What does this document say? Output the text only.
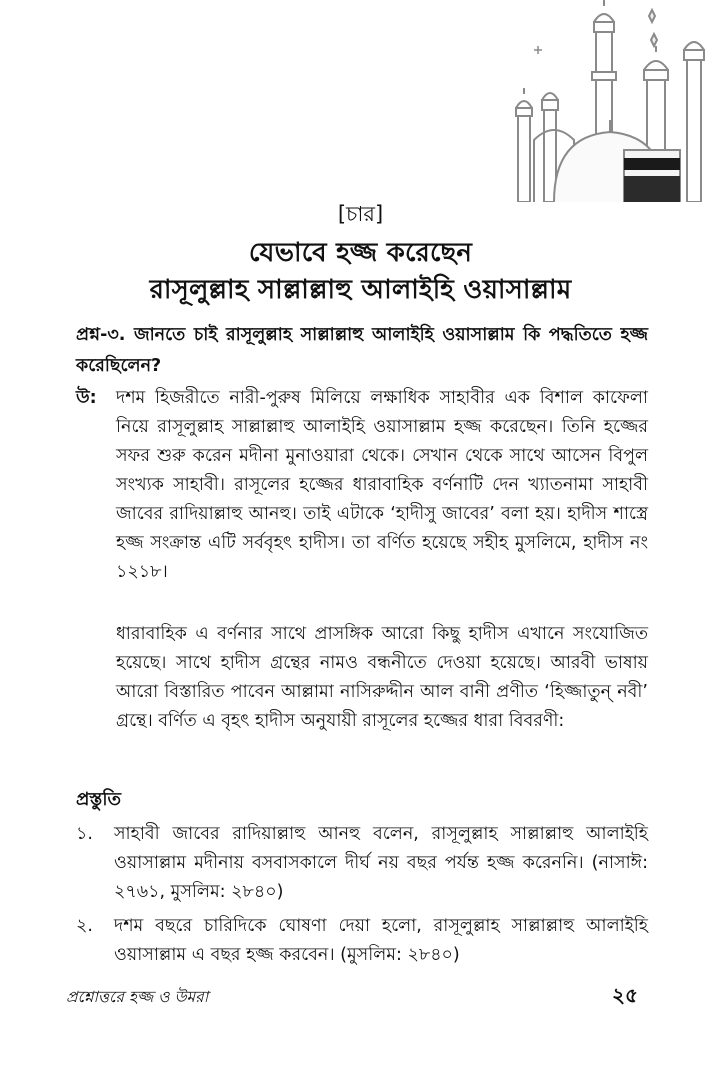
[চার]
যেভাবে হজ্জ করেছেন
রাসূলুল্লাহ সাল্লাল্লাহু আলাইহি ওয়াসাল্লাম
প্রশ্ন-৩. জানতে চাই রাসূলুল্লাহ সাল্লাল্লাহু আলাইহি ওয়াসাল্লাম কি পদ্ধতিতে হজ্জ করেছিলেন?
উ:	দশম হিজরীতে নারী-পুরুষ মিলিয়ে লক্ষাধিক সাহাবীর এক বিশাল কাফেলা নিয়ে রাসূলুল্লাহ সাল্লাল্লাহু আলাইহি ওয়াসাল্লাম হজ্জ করেছেন। তিনি হজ্জের সফর শুরু করেন মদীনা মুনাওয়ারা থেকে। সেখান থেকে সাথে আসেন বিপুল সংখ্যক সাহাবী। রাসূলের হজ্জের ধারাবাহিক বর্ণনাটি দেন খ্যাতনামা সাহাবী জাবের রাদিয়াল্লাহু আনহু। তাই এটাকে ‘হাদীসু জাবের’ বলা হয়। হাদীস শাস্ত্রে হজ্জ সংক্রান্ত এটি সর্ববৃহৎ হাদীস। তা বর্ণিত হয়েছে সহীহ মুসলিমে, হাদীস নং ১২১৮।
ধারাবাহিক এ বর্ণনার সাথে প্রাসঙ্গিক আরো কিছু হাদীস এখানে সংযোজিত হয়েছে। সাথে হাদীস গ্রন্থের নামও বন্ধনীতে দেওয়া হয়েছে। আরবী ভাষায় আরো বিস্তারিত পাবেন আল্লামা নাসিরুদ্দীন আল বানী প্রণীত ‘হিজ্জাতুন্ নবী’ গ্রন্থে। বর্ণিত এ বৃহৎ হাদীস অনুযায়ী রাসূলের হজ্জের ধারা বিবরণী:
প্রস্তুতি
১.	সাহাবী জাবের রাদিয়াল্লাহু আনহু বলেন, রাসূলুল্লাহ সাল্লাল্লাহু আলাইহি ওয়াসাল্লাম মদীনায় বসবাসকালে দীর্ঘ নয় বছর পর্যন্ত হজ্জ করেননি। (নাসাঈ: ২৭৬১, মুসলিম: ২৮৪০)
২.	দশম বছরে চারিদিকে ঘোষণা দেয়া হলো, রাসূলুল্লাহ সাল্লাল্লাহু আলাইহি ওয়াসাল্লাম এ বছর হজ্জ করবেন। (মুসলিম: ২৮৪০)
প্রশ্নোত্তরে হজ্জ ও উমরা	২৫
